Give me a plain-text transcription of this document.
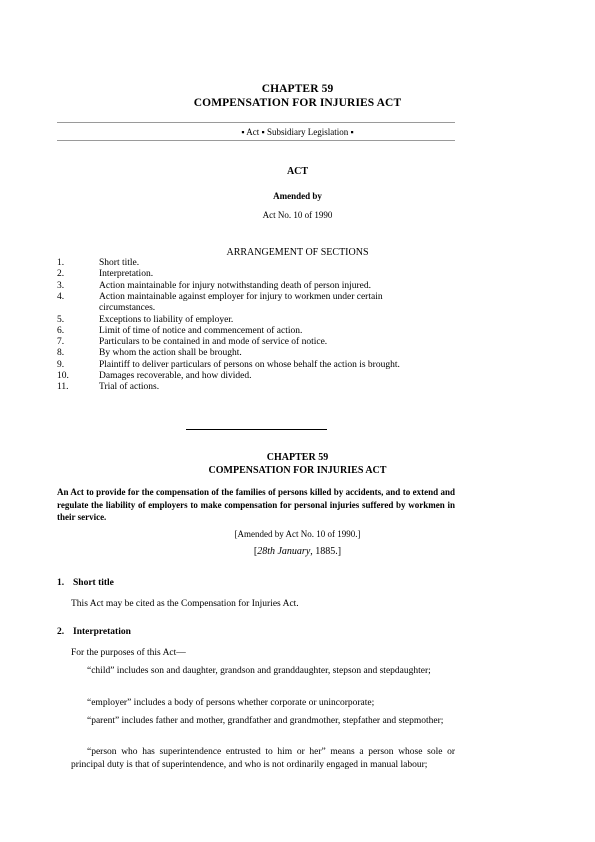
CHAPTER 59
COMPENSATION FOR INJURIES ACT
▪ Act ▪ Subsidiary Legislation ▪
ACT
Amended by
Act No. 10 of 1990
ARRANGEMENT OF SECTIONS
1.	Short title.
2.	Interpretation.
3.	Action maintainable for injury notwithstanding death of person injured.
4.	Action maintainable against employer for injury to workmen under certain
circumstances.
5.	Exceptions to liability of employer.
6.	Limit of time of notice and commencement of action.
7.	Particulars to be contained in and mode of service of notice.
8.	By whom the action shall be brought.
9.	Plaintiff to deliver particulars of persons on whose behalf the action is brought.
10.	Damages recoverable, and how divided.
11.	Trial of actions.
CHAPTER 59
COMPENSATION FOR INJURIES ACT
An Act to provide for the compensation of the families of persons killed by accidents, and to extend and regulate the liability of employers to make compensation for personal injuries suffered by workmen in their service.
[Amended by Act No. 10 of 1990.]
[28th January, 1885.]
1. Short title
This Act may be cited as the Compensation for Injuries Act.
2. Interpretation
For the purposes of this Act—
“child” includes son and daughter, grandson and granddaughter, stepson and stepdaughter;
“employer” includes a body of persons whether corporate or unincorporate;
“parent” includes father and mother, grandfather and grandmother, stepfather and stepmother;
“person who has superintendence entrusted to him or her” means a person whose sole or principal duty is that of superintendence, and who is not ordinarily engaged in manual labour;
